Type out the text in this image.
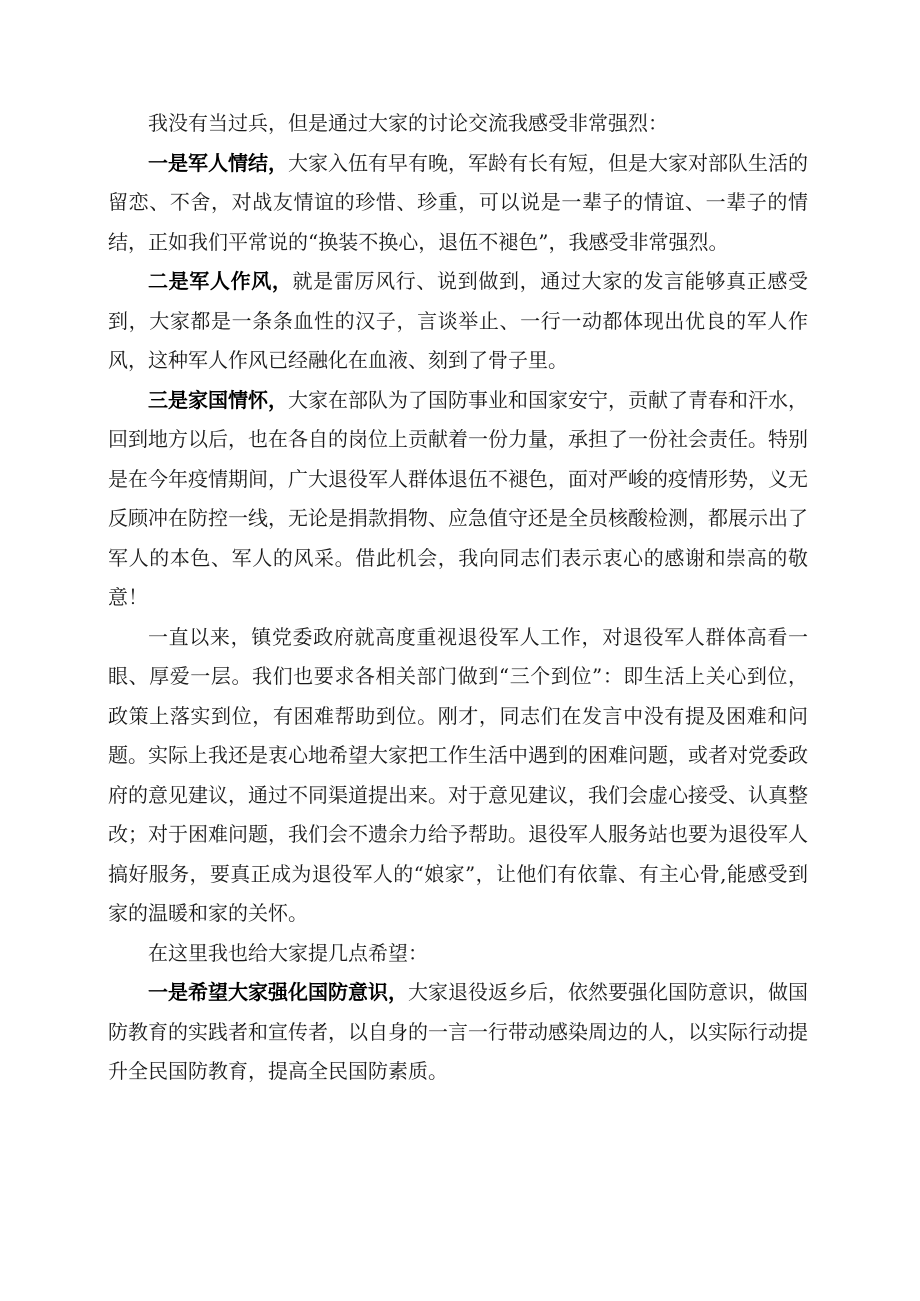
我没有当过兵，但是通过大家的讨论交流我感受非常强烈：

一是军人情结，大家入伍有早有晚，军龄有长有短，但是大家对部队生活的留恋、不舍，对战友情谊的珍惜、珍重，可以说是一辈子的情谊、一辈子的情结，正如我们平常说的“换装不换心，退伍不褪色”，我感受非常强烈。

二是军人作风，就是雷厉风行、说到做到，通过大家的发言能够真正感受到，大家都是一条条血性的汉子，言谈举止、一行一动都体现出优良的军人作风，这种军人作风已经融化在血液、刻到了骨子里。

三是家国情怀，大家在部队为了国防事业和国家安宁，贡献了青春和汗水，回到地方以后，也在各自的岗位上贡献着一份力量，承担了一份社会责任。特别是在今年疫情期间，广大退役军人群体退伍不褪色，面对严峻的疫情形势，义无反顾冲在防控一线，无论是捐款捐物、应急值守还是全员核酸检测，都展示出了军人的本色、军人的风采。借此机会，我向同志们表示衷心的感谢和崇高的敬意！

一直以来，镇党委政府就高度重视退役军人工作，对退役军人群体高看一眼、厚爱一层。我们也要求各相关部门做到“三个到位”：即生活上关心到位，政策上落实到位，有困难帮助到位。刚才，同志们在发言中没有提及困难和问题。实际上我还是衷心地希望大家把工作生活中遇到的困难问题，或者对党委政府的意见建议，通过不同渠道提出来。对于意见建议，我们会虚心接受、认真整改；对于困难问题，我们会不遗余力给予帮助。退役军人服务站也要为退役军人搞好服务，要真正成为退役军人的“娘家”，让他们有依靠、有主心骨,能感受到家的温暖和家的关怀。

在这里我也给大家提几点希望：

一是希望大家强化国防意识，大家退役返乡后，依然要强化国防意识，做国防教育的实践者和宣传者，以自身的一言一行带动感染周边的人，以实际行动提升全民国防教育，提高全民国防素质。
